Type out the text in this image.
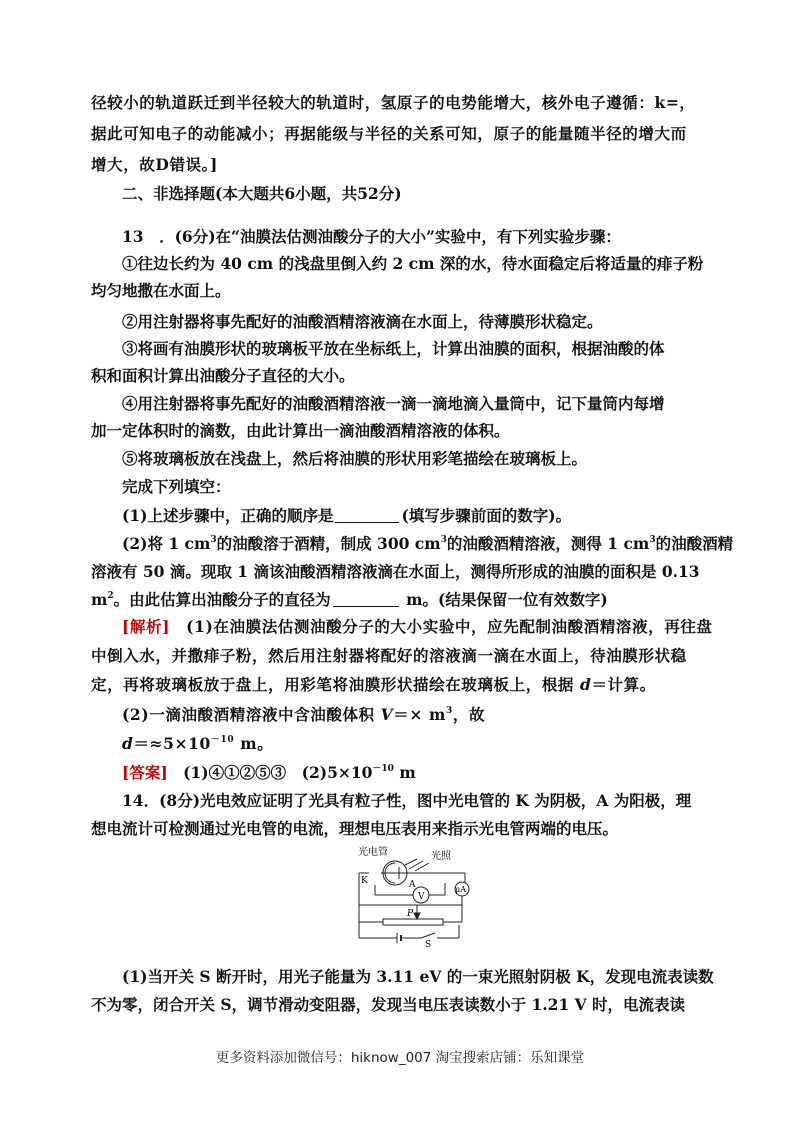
径较小的轨道跃迁到半径较大的轨道时，氢原子的电势能增大，核外电子遵循：k=，
据此可知电子的动能减小；再据能级与半径的关系可知，原子的能量随半径的增大而
增大，故D错误。]
二、非选择题(本大题共6小题，共52分)
13　．(6分)在“油膜法估测油酸分子的大小”实验中，有下列实验步骤：
①往边长约为 40 cm 的浅盘里倒入约 2 cm 深的水，待水面稳定后将适量的痱子粉
均匀地撒在水面上。
②用注射器将事先配好的油酸酒精溶液滴在水面上，待薄膜形状稳定。
③将画有油膜形状的玻璃板平放在坐标纸上，计算出油膜的面积，根据油酸的体
积和面积计算出油酸分子直径的大小。
④用注射器将事先配好的油酸酒精溶液一滴一滴地滴入量筒中，记下量筒内每增
加一定体积时的滴数，由此计算出一滴油酸酒精溶液的体积。
⑤将玻璃板放在浅盘上，然后将油膜的形状用彩笔描绘在玻璃板上。
完成下列填空：
(1)上述步骤中，正确的顺序是	(填写步骤前面的数字)。
(2)将 1 $cm^3$的油酸溶于酒精，制成 300 $cm^3$的油酸酒精溶液，测得 1 $cm^3$的油酸酒精
溶液有 50 滴。现取 1 滴该油酸酒精溶液滴在水面上，测得所形成的油膜的面积是 0.13
$m^2$。由此估算出油酸分子的直径为	m。(结果保留一位有效数字)
[解析]　(1)在油膜法估测油酸分子的大小实验中，应先配制油酸酒精溶液，再往盘
中倒入水，并撒痱子粉，然后用注射器将配好的溶液滴一滴在水面上，待油膜形状稳
定，再将玻璃板放于盘上，用彩笔将油膜形状描绘在玻璃板上，根据 d＝计算。
(2)一滴油酸酒精溶液中含油酸体积 $V=\times m^3$，故
$d=\approx 5\times 10^{-10}$ m。
[答案]　(1)④①②⑤③　$(2)5\times 10^{-10}$ m
14．(8分)光电效应证明了光具有粒子性，图中光电管的 K 为阴极，A 为阳极，理
想电流计可检测通过光电管的电流，理想电压表用来指示光电管两端的电压。
光电管	光照
K	A
V
μA
P
S
(1)当开关 S 断开时，用光子能量为 3.11 eV 的一束光照射阴极 K，发现电流表读数
不为零，闭合开关 S，调节滑动变阻器，发现当电压表读数小于 1.21 V 时，电流表读
更多资料添加微信号：hiknow_007 淘宝搜索店铺：乐知课堂
